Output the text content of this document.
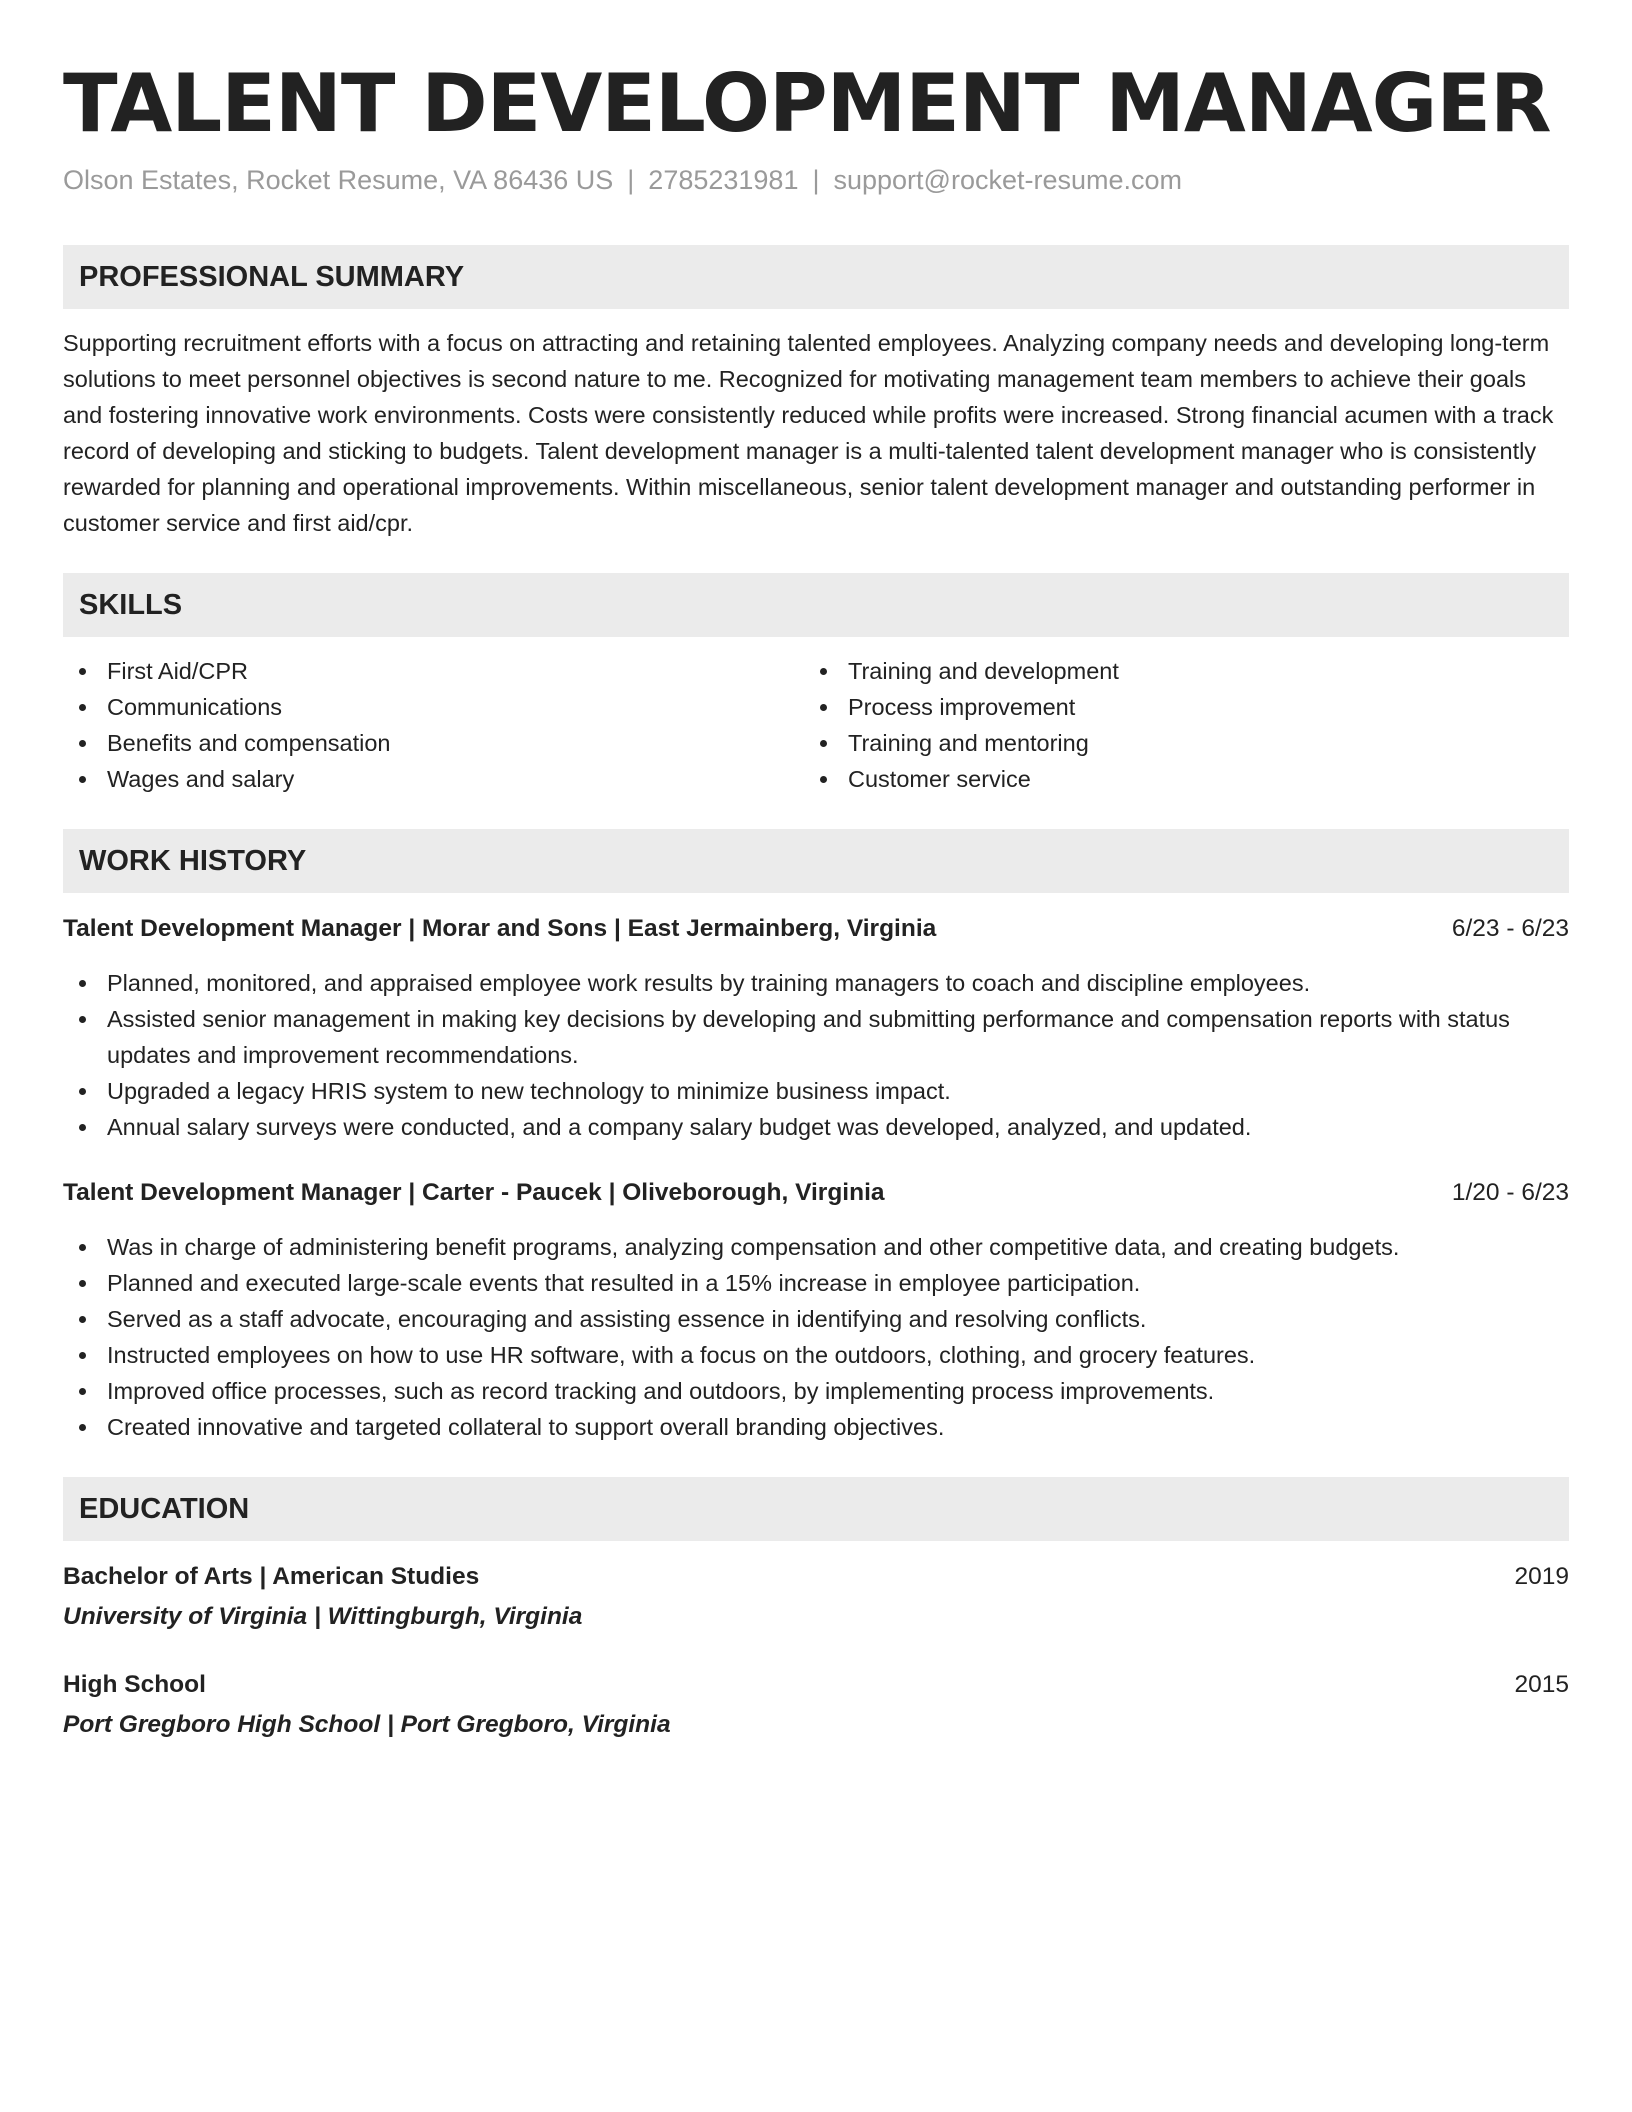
TALENT DEVELOPMENT MANAGER
Olson Estates, Rocket Resume, VA 86436 US | 2785231981 | support@rocket-resume.com
PROFESSIONAL SUMMARY
Supporting recruitment efforts with a focus on attracting and retaining talented employees. Analyzing company needs and developing long-term solutions to meet personnel objectives is second nature to me. Recognized for motivating management team members to achieve their goals and fostering innovative work environments. Costs were consistently reduced while profits were increased. Strong financial acumen with a track record of developing and sticking to budgets. Talent development manager is a multi-talented talent development manager who is consistently rewarded for planning and operational improvements. Within miscellaneous, senior talent development manager and outstanding performer in customer service and first aid/cpr.
SKILLS
First Aid/CPR
Communications
Benefits and compensation
Wages and salary
Training and development
Process improvement
Training and mentoring
Customer service
WORK HISTORY
Talent Development Manager | Morar and Sons | East Jermainberg, Virginia	6/23 - 6/23
Planned, monitored, and appraised employee work results by training managers to coach and discipline employees.
Assisted senior management in making key decisions by developing and submitting performance and compensation reports with status updates and improvement recommendations.
Upgraded a legacy HRIS system to new technology to minimize business impact.
Annual salary surveys were conducted, and a company salary budget was developed, analyzed, and updated.
Talent Development Manager | Carter - Paucek | Oliveborough, Virginia	1/20 - 6/23
Was in charge of administering benefit programs, analyzing compensation and other competitive data, and creating budgets.
Planned and executed large-scale events that resulted in a 15% increase in employee participation.
Served as a staff advocate, encouraging and assisting essence in identifying and resolving conflicts.
Instructed employees on how to use HR software, with a focus on the outdoors, clothing, and grocery features.
Improved office processes, such as record tracking and outdoors, by implementing process improvements.
Created innovative and targeted collateral to support overall branding objectives.
EDUCATION
Bachelor of Arts | American Studies	2019
University of Virginia | Wittingburgh, Virginia
High School	2015
Port Gregboro High School | Port Gregboro, Virginia
